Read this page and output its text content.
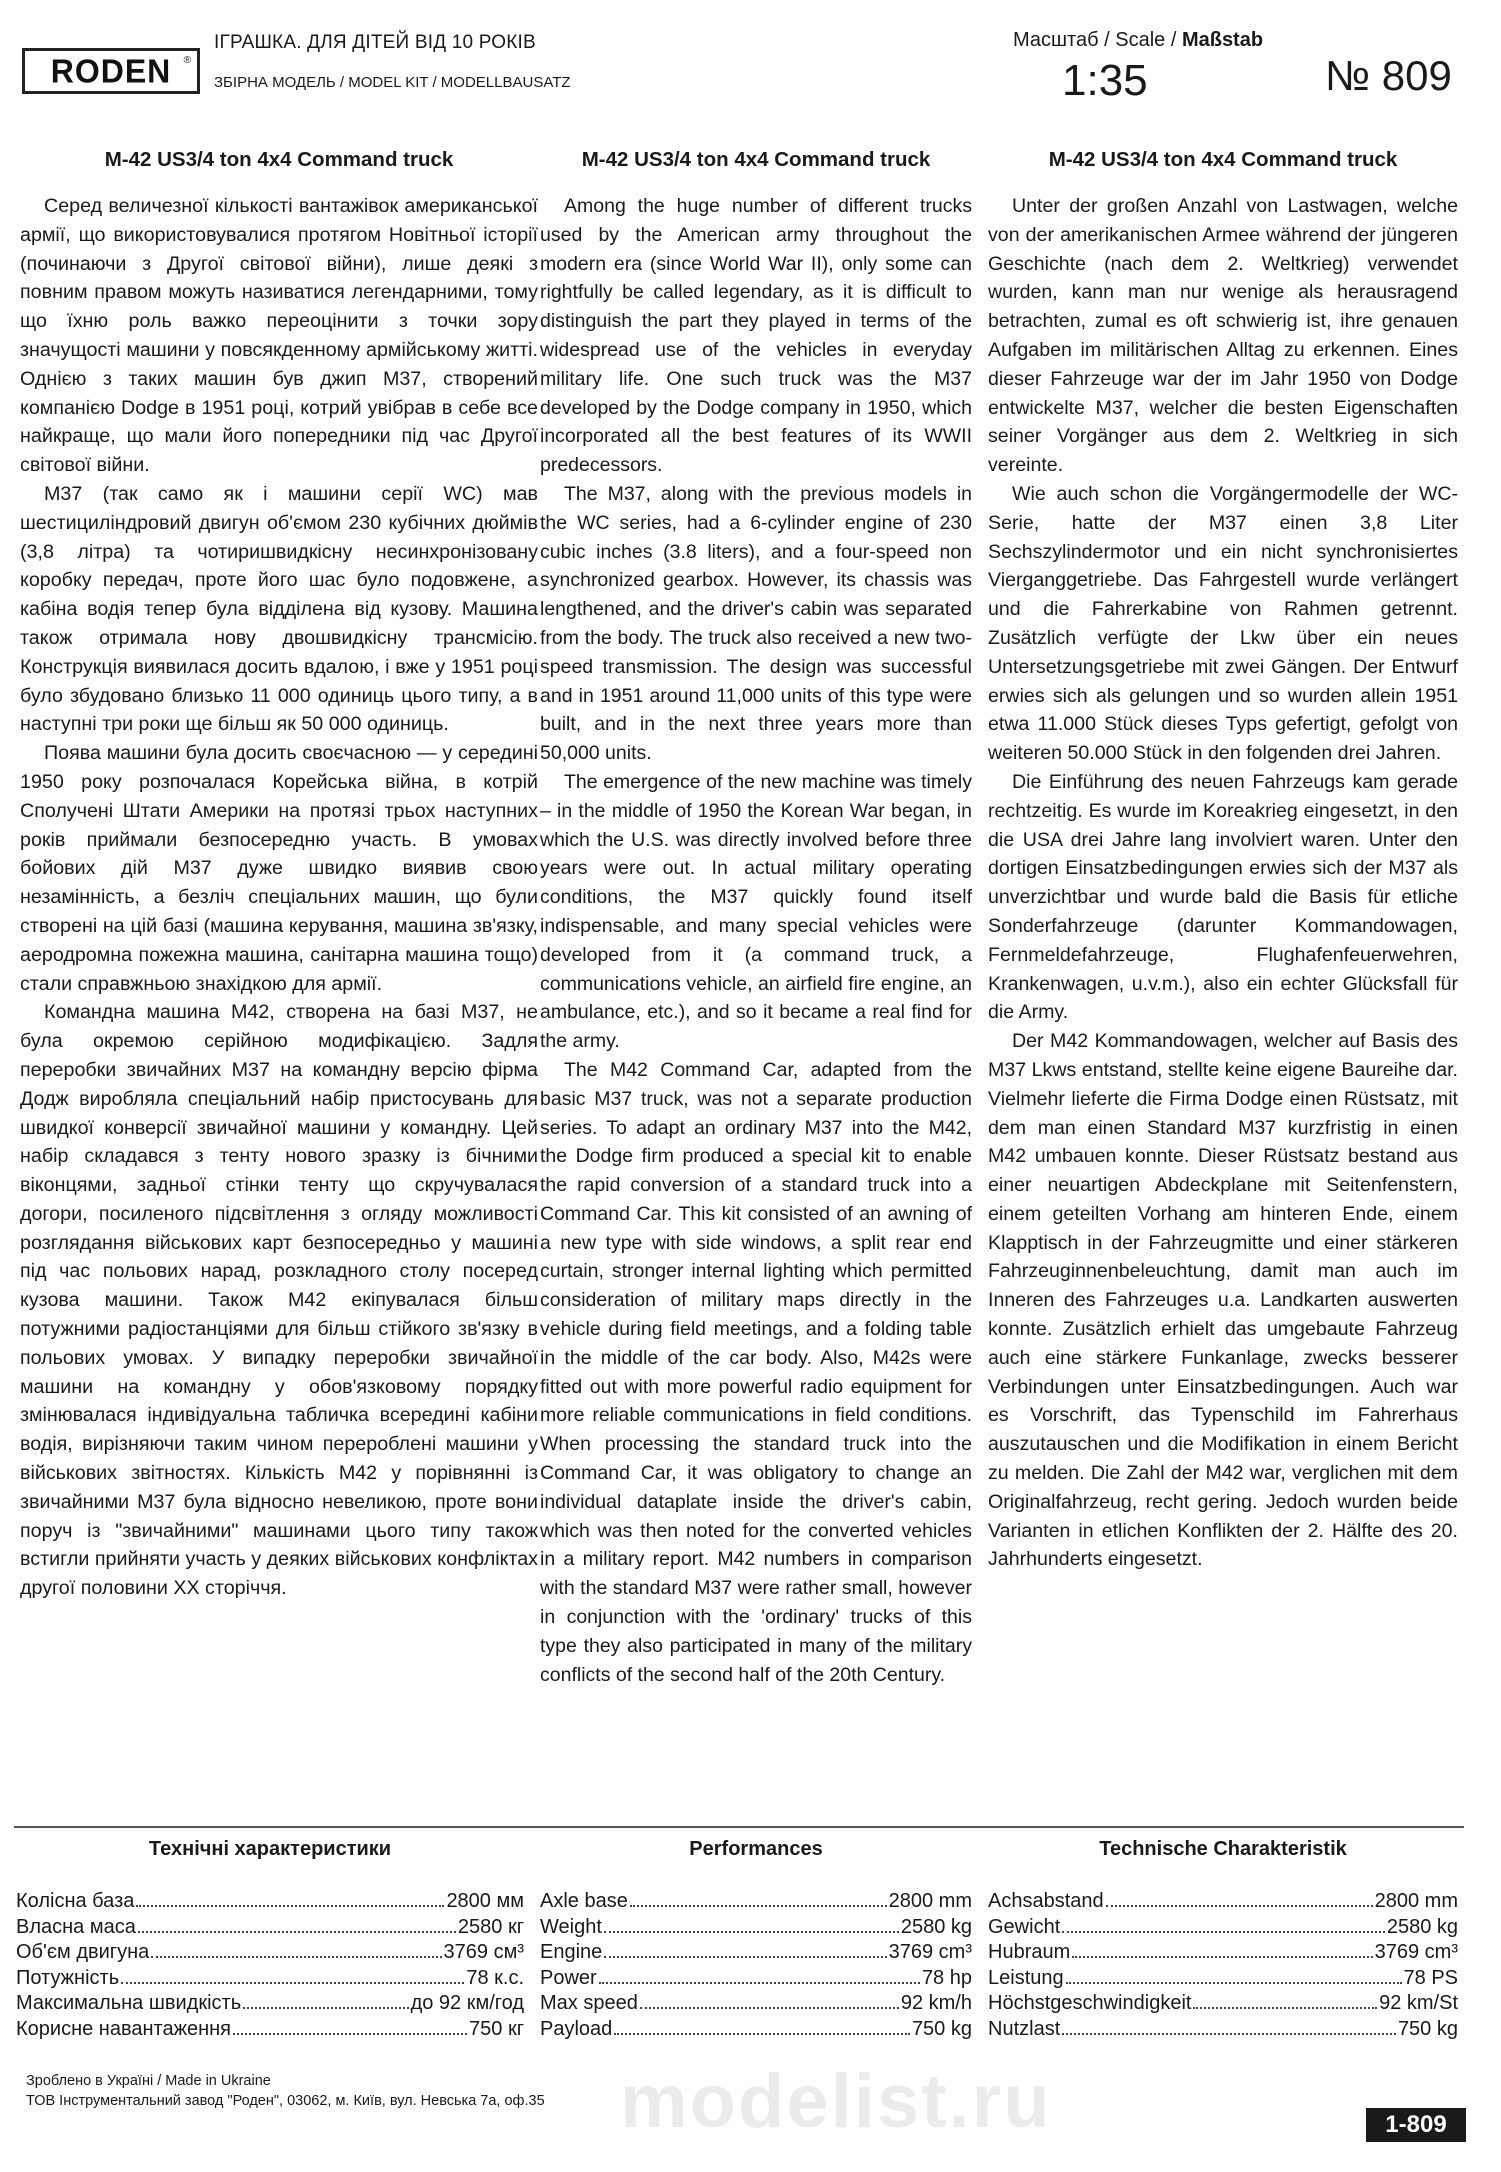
RODEN ®
ІГРАШКА. ДЛЯ ДІТЕЙ ВІД 10 РОКІВ
ЗБІРНА МОДЕЛЬ / MODEL KIT / MODELLBAUSATZ
Масштаб / Scale / Maßstab
1:35	№ 809
M-42 US3/4 ton 4x4 Command truck

Серед величезної кількості вантажівок американської армії, що використовувалися протягом Новітньої історії (починаючи з Другої світової війни), лише деякі з повним правом можуть називатися легендарними, тому що їхню роль важко переоцінити з точки зору значущості машини у повсякденному армійському житті. Однією з таких машин був джип M37, створений компанією Dodge в 1951 році, котрий увібрав в себе все найкраще, що мали його попередники під час Другої світової війни.

M37 (так само як і машини серії WC) мав шестициліндровий двигун об'ємом 230 кубічних дюймів (3,8 літра) та чотиришвидкісну несинхронізовану коробку передач, проте його шас було подовжене, а кабіна водія тепер була відділена від кузову. Машина також отримала нову двошвидкісну трансмісію. Конструкція виявилася досить вдалою, і вже у 1951 році було збудовано близько 11 000 одиниць цього типу, а в наступні три роки ще більш як 50 000 одиниць.

Поява машини була досить своєчасною — у середині 1950 року розпочалася Корейська війна, в котрій Сполучені Штати Америки на протязі трьох наступних років приймали безпосередню участь. В умовах бойових дій M37 дуже швидко виявив свою незамінність, а безліч спеціальних машин, що були створені на цій базі (машина керування, машина зв'язку, аеродромна пожежна машина, санітарна машина тощо) стали справжньою знахідкою для армії.

Командна машина M42, створена на базі M37, не була окремою серійною модифікацією. Задля переробки звичайних M37 на командну версію фірма Додж виробляла спеціальний набір пристосувань для швидкої конверсії звичайної машини у командну. Цей набір складався з тенту нового зразку із бічними віконцями, задньої стінки тенту що скручувалася догори, посиленого підсвітлення з огляду можливості розглядання військових карт безпосередньо у машині під час польових нарад, розкладного столу посеред кузова машини. Також M42 екіпувалася більш потужними радіостанціями для більш стійкого зв'язку в польових умовах. У випадку переробки звичайної машини на командну у обов'язковому порядку змінювалася індивідуальна табличка всередині кабіни водія, вирізняючи таким чином перероблені машини у військових звітностях. Кількість M42 у порівнянні із звичайними M37 була відносно невеликою, проте вони поруч із "звичайними" машинами цього типу також встигли прийняти участь у деяких військових конфліктах другої половини XX сторіччя.

M-42 US3/4 ton 4x4 Command truck

Among the huge number of different trucks used by the American army throughout the modern era (since World War II), only some can rightfully be called legendary, as it is difficult to distinguish the part they played in terms of the widespread use of the vehicles in everyday military life. One such truck was the M37 developed by the Dodge company in 1950, which incorporated all the best features of its WWII predecessors.

The M37, along with the previous models in the WC series, had a 6-cylinder engine of 230 cubic inches (3.8 liters), and a four-speed non synchronized gearbox. However, its chassis was lengthened, and the driver's cabin was separated from the body. The truck also received a new two-speed transmission. The design was successful and in 1951 around 11,000 units of this type were built, and in the next three years more than 50,000 units.

The emergence of the new machine was timely – in the middle of 1950 the Korean War began, in which the U.S. was directly involved before three years were out. In actual military operating conditions, the M37 quickly found itself indispensable, and many special vehicles were developed from it (a command truck, a communications vehicle, an airfield fire engine, an ambulance, etc.), and so it became a real find for the army.

The M42 Command Car, adapted from the basic M37 truck, was not a separate production series. To adapt an ordinary M37 into the M42, the Dodge firm produced a special kit to enable the rapid conversion of a standard truck into a Command Car. This kit consisted of an awning of a new type with side windows, a split rear end curtain, stronger internal lighting which permitted consideration of military maps directly in the vehicle during field meetings, and a folding table in the middle of the car body. Also, M42s were fitted out with more powerful radio equipment for more reliable communications in field conditions. When processing the standard truck into the Command Car, it was obligatory to change an individual dataplate inside the driver's cabin, which was then noted for the converted vehicles in a military report. M42 numbers in comparison with the standard M37 were rather small, however in conjunction with the 'ordinary' trucks of this type they also participated in many of the military conflicts of the second half of the 20th Century.

M-42 US3/4 ton 4x4 Command truck

Unter der großen Anzahl von Lastwagen, welche von der amerikanischen Armee während der jüngeren Geschichte (nach dem 2. Weltkrieg) verwendet wurden, kann man nur wenige als herausragend betrachten, zumal es oft schwierig ist, ihre genauen Aufgaben im militärischen Alltag zu erkennen. Eines dieser Fahrzeuge war der im Jahr 1950 von Dodge entwickelte M37, welcher die besten Eigenschaften seiner Vorgänger aus dem 2. Weltkrieg in sich vereinte.

Wie auch schon die Vorgängermodelle der WC-Serie, hatte der M37 einen 3,8 Liter Sechszylindermotor und ein nicht synchronisiertes Vierganggetriebe. Das Fahrgestell wurde verlängert und die Fahrerkabine von Rahmen getrennt. Zusätzlich verfügte der Lkw über ein neues Untersetzungsgetriebe mit zwei Gängen. Der Entwurf erwies sich als gelungen und so wurden allein 1951 etwa 11.000 Stück dieses Typs gefertigt, gefolgt von weiteren 50.000 Stück in den folgenden drei Jahren.

Die Einführung des neuen Fahrzeugs kam gerade rechtzeitig. Es wurde im Koreakrieg eingesetzt, in den die USA drei Jahre lang involviert waren. Unter den dortigen Einsatzbedingungen erwies sich der M37 als unverzichtbar und wurde bald die Basis für etliche Sonderfahrzeuge (darunter Kommandowagen, Fernmeldefahrzeuge, Flughafenfeuerwehren, Krankenwagen, u.v.m.), also ein echter Glücksfall für die Army.

Der M42 Kommandowagen, welcher auf Basis des M37 Lkws entstand, stellte keine eigene Baureihe dar. Vielmehr lieferte die Firma Dodge einen Rüstsatz, mit dem man einen Standard M37 kurzfristig in einen M42 umbauen konnte. Dieser Rüstsatz bestand aus einer neuartigen Abdeckplane mit Seitenfenstern, einem geteilten Vorhang am hinteren Ende, einem Klapptisch in der Fahrzeugmitte und einer stärkeren Fahrzeuginnenbeleuchtung, damit man auch im Inneren des Fahrzeuges u.a. Landkarten auswerten konnte. Zusätzlich erhielt das umgebaute Fahrzeug auch eine stärkere Funkanlage, zwecks besserer Verbindungen unter Einsatzbedingungen. Auch war es Vorschrift, das Typenschild im Fahrerhaus auszutauschen und die Modifikation in einem Bericht zu melden. Die Zahl der M42 war, verglichen mit dem Originalfahrzeug, recht gering. Jedoch wurden beide Varianten in etlichen Konflikten der 2. Hälfte des 20. Jahrhunderts eingesetzt.

Технічні характеристики
Колісна база	2800 мм
Власна маса	2580 кг
Об'єм двигуна	3769 см³
Потужність	78 к.с.
Максимальна швидкість	до 92 км/год
Корисне навантаження	750 кг
Performances
Axle base	2800 mm
Weight	2580 kg
Engine	3769 cm³
Power	78 hp
Max speed	92 km/h
Payload	750 kg
Technische Charakteristik
Achsabstand	2800 mm
Gewicht	2580 kg
Hubraum	3769 cm³
Leistung	78 PS
Höchstgeschwindigkeit	92 km/St
Nutzlast	750 kg
modelist.ru
Зроблено в Україні / Made in Ukraine
ТОВ Інструментальний завод "Роден", 03062, м. Київ, вул. Невська 7а, оф.35
1-809
